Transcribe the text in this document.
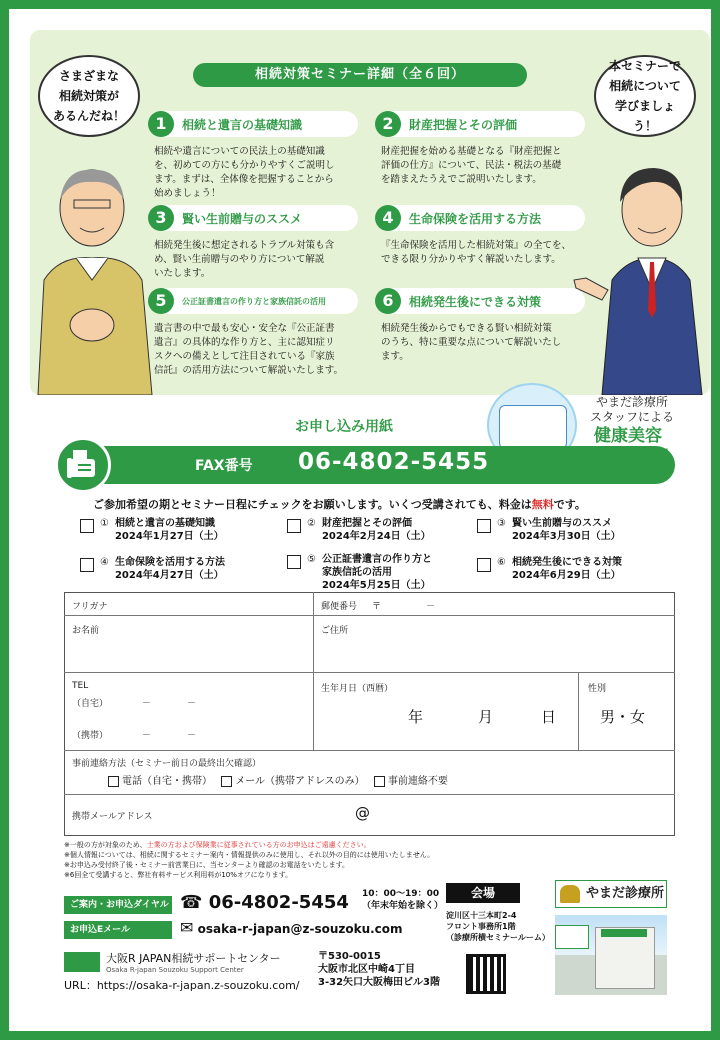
さまざまな
相続対策が
あるんだね！
本セミナーで
相続について
学びましょう！
相続対策セミナー詳細（全６回）
1	相続と遺言の基礎知識
相続や遺言についての民法上の基礎知識
を、初めての方にも分かりやすくご説明し
ます。まずは、全体像を把握することから
始めましょう！
2	財産把握とその評価
財産把握を始める基礎となる『財産把握と
評価の仕方』について、民法・税法の基礎
を踏まえたうえでご説明いたします。
3	賢い生前贈与のススメ
相続発生後に想定されるトラブル対策も含
め、賢い生前贈与のやり方について解説
いたします。
4	生命保険を活用する方法
『生命保険を活用した相続対策』の全てを、
できる限り分かりやすく解説いたします。
5	公正証書遺言の作り方と家族信託の活用
遺言書の中で最も安心・安全な『公正証書
遺言』の具体的な作り方と、主に認知症リ
スクへの備えとして注目されている『家族
信託』の活用方法について解説いたします。
6	相続発生後にできる対策
相続発生後からでもできる賢い相続対策
のうち、特に重要な点について解説いたし
ます。
やまだ診療所
スタッフによる
健康美容

お申し込み用紙
FAX番号 06-4802-5455
ご参加希望の期とセミナー日程にチェックをお願いします。いくつ受講されても、料金は無料です。
① 相続と遺言の基礎知識
2024年1月27日（土）
② 財産把握とその評価
2024年2月24日（土）
③ 賢い生前贈与のススメ
2024年3月30日（土）
④ 生命保険を活用する方法
2024年4月27日（土）
⑤ 公正証書遺言の作り方と
家族信託の活用
2024年5月25日（土）
⑥ 相続発生後にできる対策
2024年6月29日（土）
フリガナ	郵便番号 〒　　　　　－
お名前	ご住所
TEL
（自宅）	－　　　　－
（携帯）	－　　　　－
生年月日（西暦）
年	月	日
性別
男・女
事前連絡方法（セミナー前日の最終出欠確認）
電話（自宅・携帯） メール（携帯アドレスのみ） 事前連絡不要
携帯メールアドレス	@
※一般の方が対象のため、士業の方および保険業に従事されている方のお申込はご遠慮ください。
※個人情報については、相続に関するセミナー案内・情報提供のみに使用し、それ以外の目的には使用いたしません。
※お申込み受付終了後・セミナー前営業日に、当センターより確認のお電話をいたします。
※6回全て受講すると、弊社有料サービス利用料が10%オフになります。
ご案内・お申込ダイヤル ☎ 06-4802-5454 10：00～19：00
（年末年始を除く）
お申込Eメール	✉ osaka-r-japan@z-souzoku.com
会場
淀川区十三本町2-4
フロント事務所1階
（診療所横セミナールーム）
大阪R JAPAN相続サポートセンター
Osaka R-japan Souzoku Support Center
URL：https://osaka-r-japan.z-souzoku.com/
〒530-0015
大阪市北区中崎4丁目
3-32矢口大阪梅田ビル3階
やまだ診療所
